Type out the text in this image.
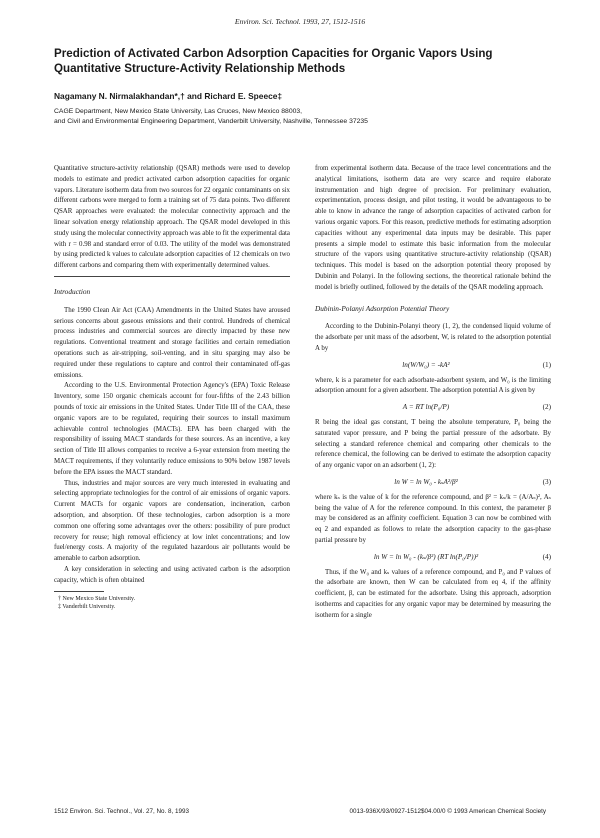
Environ. Sci. Technol. 1993, 27, 1512-1516
Prediction of Activated Carbon Adsorption Capacities for Organic Vapors Using Quantitative Structure-Activity Relationship Methods
Nagamany N. Nirmalakhandan*,† and Richard E. Speece‡
CAGE Department, New Mexico State University, Las Cruces, New Mexico 88003,
and Civil and Environmental Engineering Department, Vanderbilt University, Nashville, Tennessee 37235

Quantitative structure-activity relationship (QSAR) methods were used to develop models to estimate and predict activated carbon adsorption capacities for organic vapors. Literature isotherm data from two sources for 22 organic contaminants on six different carbons were merged to form a training set of 75 data points. Two different QSAR approaches were evaluated: the molecular connectivity approach and the linear solvation energy relationship approach. The QSAR model developed in this study using the molecular connectivity approach was able to fit the experimental data with r = 0.98 and standard error of 0.03. The utility of the model was demonstrated by using predicted k values to calculate adsorption capacities of 12 chemicals on two different carbons and comparing them with experimentally determined values.

Introduction

The 1990 Clean Air Act (CAA) Amendments in the United States have aroused serious concerns about gaseous emissions and their control. Hundreds of chemical process industries and commercial sources are directly impacted by these new regulations. Conventional treatment and storage facilities and certain remediation operations such as air-stripping, soil-venting, and in situ sparging may also be required under these regulations to capture and control their contaminated off-gas emissions.

According to the U.S. Environmental Protection Agency's (EPA) Toxic Release Inventory, some 150 organic chemicals account for four-fifths of the 2.43 billion pounds of toxic air emissions in the United States. Under Title III of the CAA, these organic vapors are to be regulated, requiring their sources to install maximum achievable control technologies (MACTs). EPA has been charged with the responsibility of issuing MACT standards for these sources. As an incentive, a key section of Title III allows companies to receive a 6-year extension from meeting the MACT requirements, if they voluntarily reduce emissions to 90% below 1987 levels before the EPA issues the MACT standard.

Thus, industries and major sources are very much interested in evaluating and selecting appropriate technologies for the control of air emissions of organic vapors. Current MACTs for organic vapors are condensation, incineration, carbon adsorption, and absorption. Of these technologies, carbon adsorption is a more common one offering some advantages over the others: possibility of pure product recovery for reuse; high removal efficiency at low inlet concentrations; and low fuel/energy costs. A majority of the regulated hazardous air pollutants would be amenable to carbon adsorption.

A key consideration in selecting and using activated carbon is the adsorption capacity, which is often obtained

† New Mexico State University.
‡ Vanderbilt University.

from experimental isotherm data. Because of the trace level concentrations and the analytical limitations, isotherm data are very scarce and require elaborate instrumentation and high degree of precision. For preliminary evaluation, experimentation, process design, and pilot testing, it would be advantageous to be able to know in advance the range of adsorption capacities of activated carbon for various organic vapors. For this reason, predictive methods for estimating adsorption capacities without any experimental data inputs may be desirable. This paper presents a simple model to estimate this basic information from the molecular structure of the vapors using quantitative structure-activity relationship (QSAR) techniques. This model is based on the adsorption potential theory proposed by Dubinin and Polanyi. In the following sections, the theoretical rationale behind the model is briefly outlined, followed by the details of the QSAR modeling approach.

Dubinin-Polanyi Adsorption Potential Theory

According to the Dubinin-Polanyi theory (1, 2), the condensed liquid volume of the adsorbate per unit mass of the adsorbent, W, is related to the adsorption potential A by

ln(W/W₀) = -kA²	(1)

where, k is a parameter for each adsorbate-adsorbent system, and W₀ is the limiting adsorption amount for a given adsorbent. The adsorption potential A is given by

A = RT ln(P₀/P)	(2)

R being the ideal gas constant, T being the absolute temperature, P₀ being the saturated vapor pressure, and P being the partial pressure of the adsorbate. By selecting a standard reference chemical and comparing other chemicals to the reference chemical, the following can be derived to estimate the adsorption capacity of any organic vapor on an adsorbent (1, 2):

ln W = ln W₀ - kₛA²/β²	(3)

where kₛ is the value of k for the reference compound, and β² = kₛ/k = (A/Aₛ)², Aₛ being the value of A for the reference compound. In this context, the parameter β may be considered as an affinity coefficient. Equation 3 can now be combined with eq 2 and expanded as follows to relate the adsorption capacity to the gas-phase partial pressure by

ln W = ln W₀ - (kₛ/β²) (RT ln(P₀/P))²	(4)

Thus, if the W₀ and kₛ values of a reference compound, and P₀ and P values of the adsorbate are known, then W can be calculated from eq 4, if the affinity coefficient, β, can be estimated for the adsorbate. Using this approach, adsorption isotherms and capacities for any organic vapor may be determined by measuring the isotherm for a single

1512 Environ. Sci. Technol., Vol. 27, No. 8, 1993	0013-936X/93/0927-1512$04.00/0 © 1993 American Chemical Society
